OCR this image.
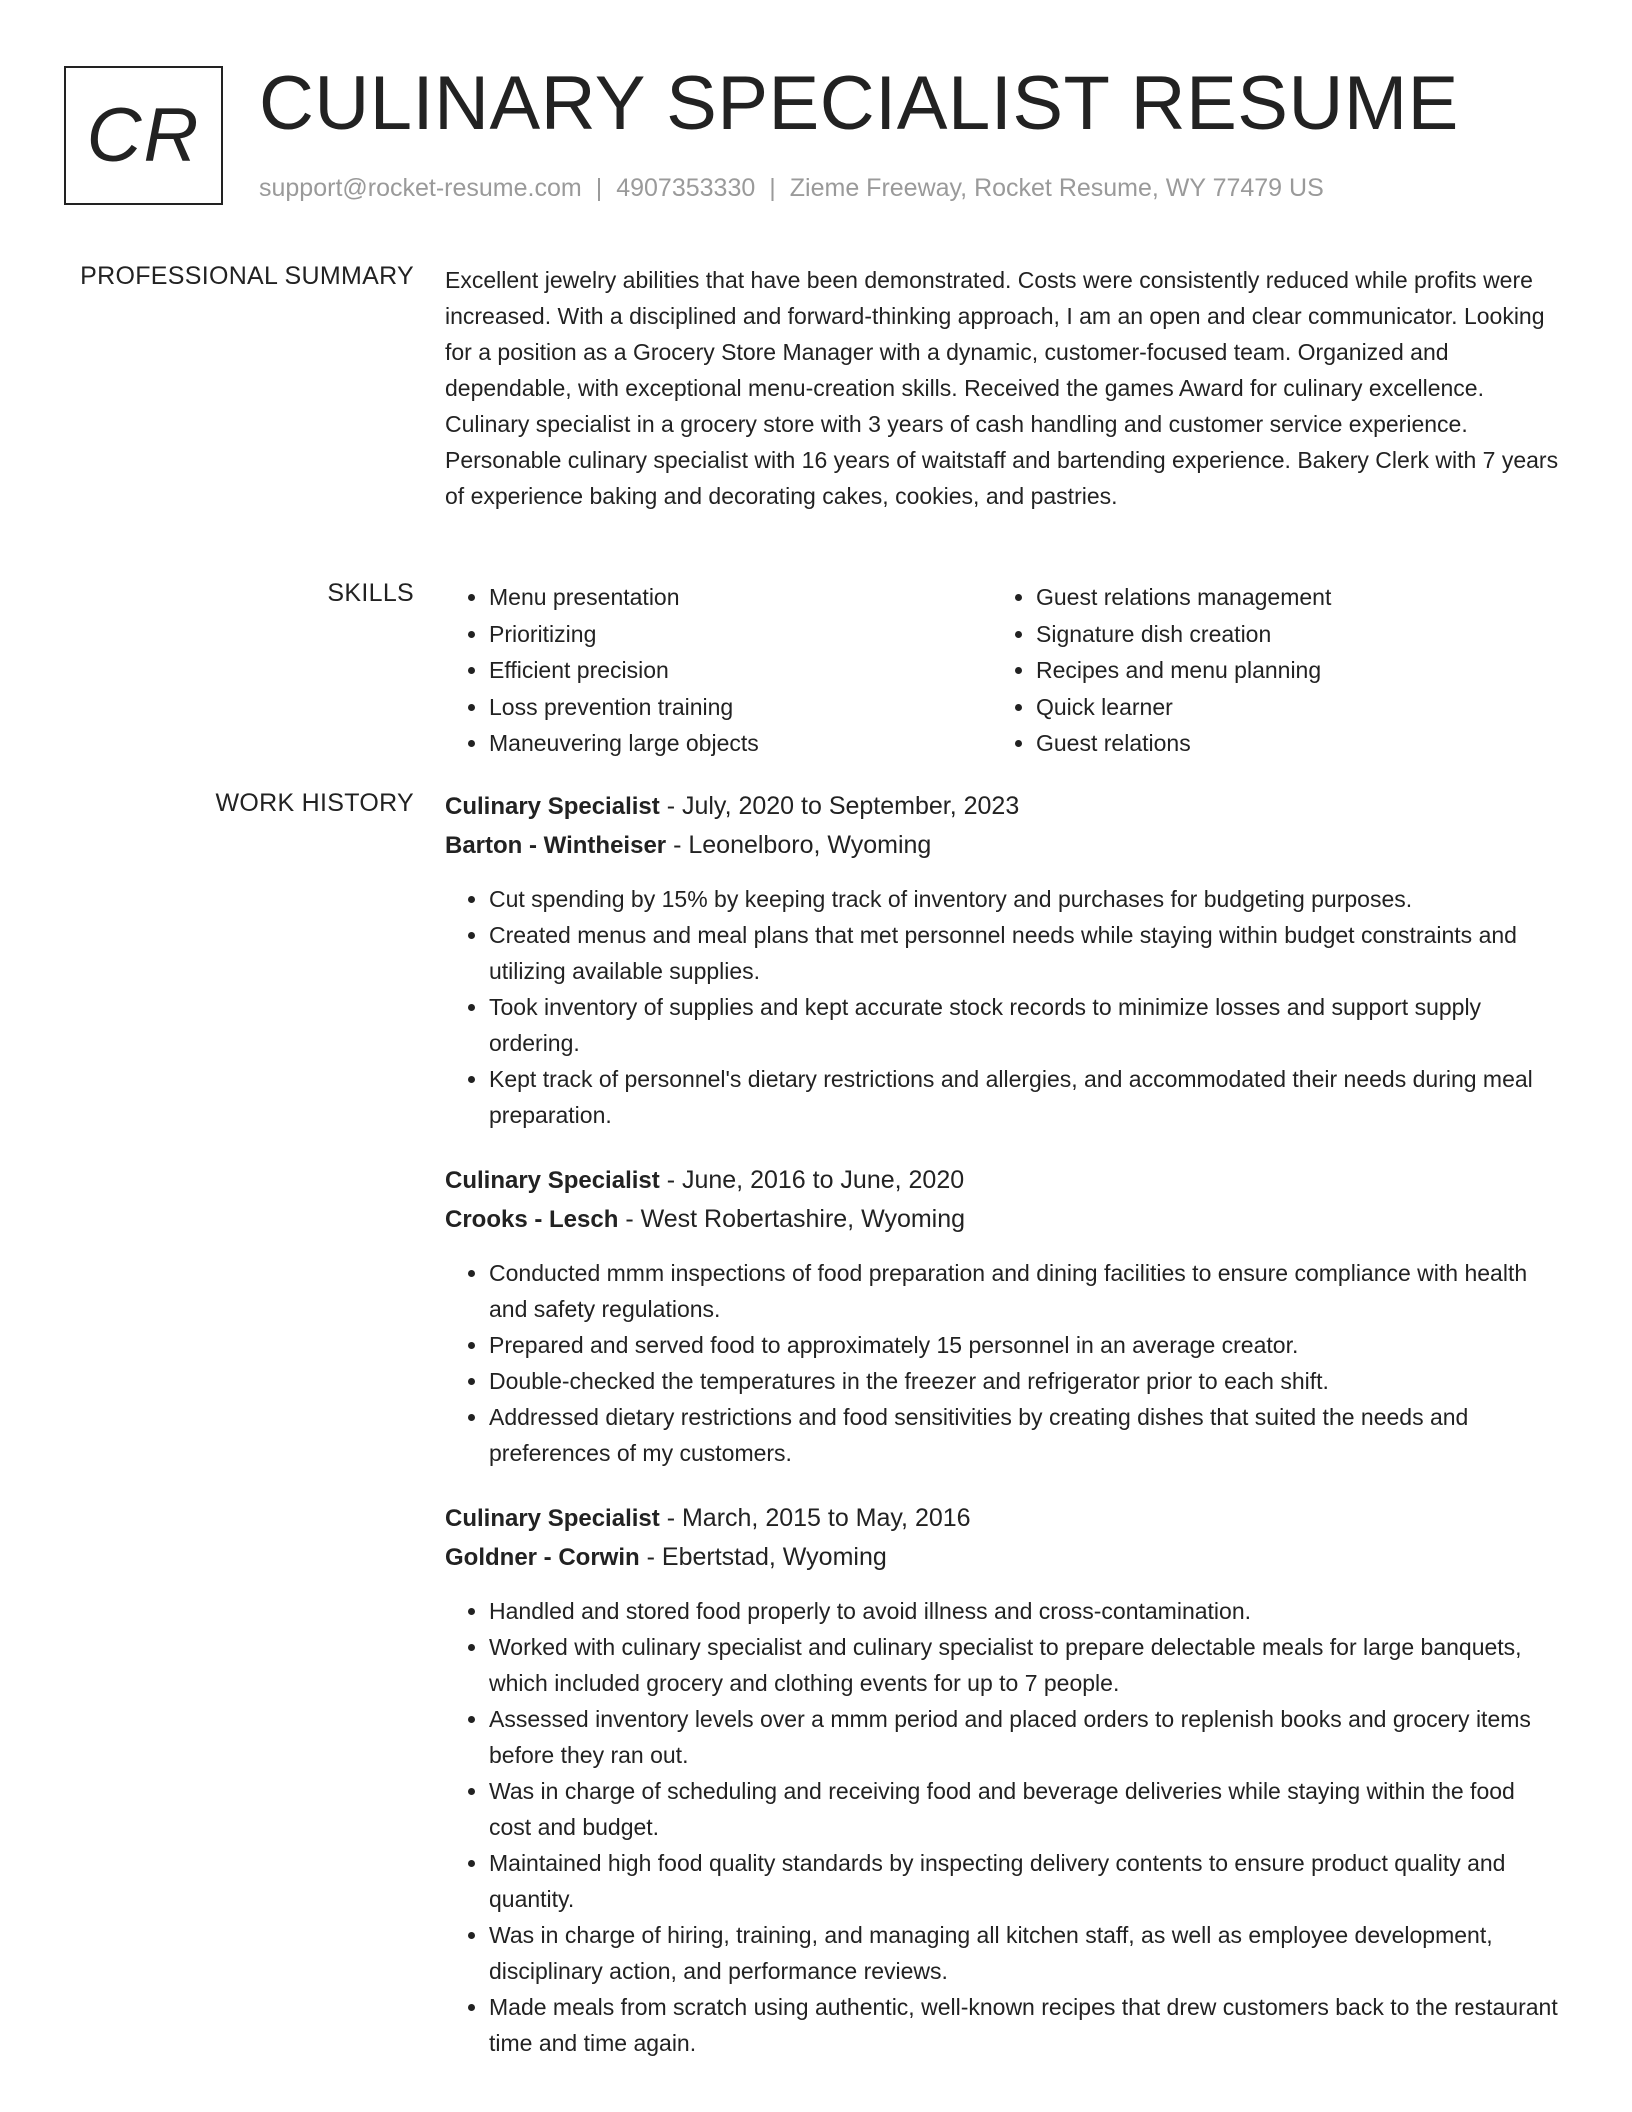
CR CULINARY SPECIALIST RESUME
support@rocket-resume.com | 4907353330 | Zieme Freeway, Rocket Resume, WY 77479 US
PROFESSIONAL SUMMARY Excellent jewelry abilities that have been demonstrated. Costs were consistently reduced while profits were increased. With a disciplined and forward-thinking approach, I am an open and clear communicator. Looking for a position as a Grocery Store Manager with a dynamic, customer-focused team. Organized and dependable, with exceptional menu-creation skills. Received the games Award for culinary excellence. Culinary specialist in a grocery store with 3 years of cash handling and customer service experience. Personable culinary specialist with 16 years of waitstaff and bartending experience. Bakery Clerk with 7 years of experience baking and decorating cakes, cookies, and pastries.

SKILLS
•	Menu presentation
• Prioritizing
• Efficient precision
• Loss prevention training
• Maneuvering large objects
• Guest relations management
• Signature dish creation
• Recipes and menu planning
• Quick learner
• Guest relations
WORK HISTORY Culinary Specialist - July, 2020 to September, 2023
Barton - Wintheiser - Leonelboro, Wyoming
• Cut spending by 15% by keeping track of inventory and purchases for budgeting purposes.
• Created menus and meal plans that met personnel needs while staying within budget constraints and utilizing available supplies.
• Took inventory of supplies and kept accurate stock records to minimize losses and support supply ordering.
• Kept track of personnel's dietary restrictions and allergies, and accommodated their needs during meal preparation.
Culinary Specialist - June, 2016 to June, 2020
Crooks - Lesch - West Robertashire, Wyoming
• Conducted mmm inspections of food preparation and dining facilities to ensure compliance with health and safety regulations.
• Prepared and served food to approximately 15 personnel in an average creator.
• Double-checked the temperatures in the freezer and refrigerator prior to each shift.
• Addressed dietary restrictions and food sensitivities by creating dishes that suited the needs and preferences of my customers.
Culinary Specialist - March, 2015 to May, 2016
Goldner - Corwin - Ebertstad, Wyoming
• Handled and stored food properly to avoid illness and cross-contamination.
• Worked with culinary specialist and culinary specialist to prepare delectable meals for large banquets, which included grocery and clothing events for up to 7 people.
• Assessed inventory levels over a mmm period and placed orders to replenish books and grocery items before they ran out.
• Was in charge of scheduling and receiving food and beverage deliveries while staying within the food cost and budget.
• Maintained high food quality standards by inspecting delivery contents to ensure product quality and quantity.
• Was in charge of hiring, training, and managing all kitchen staff, as well as employee development, disciplinary action, and performance reviews.
• Made meals from scratch using authentic, well-known recipes that drew customers back to the restaurant time and time again.
